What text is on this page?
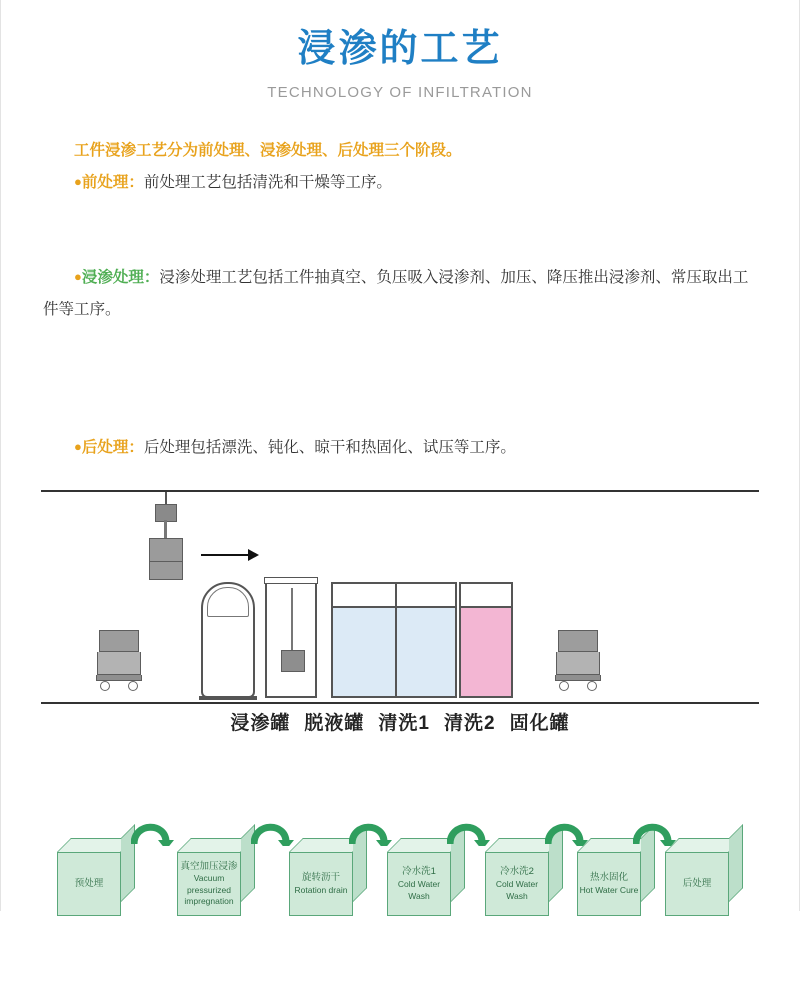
浸渗的工艺
TECHNOLOGY OF INFILTRATION
工件浸渗工艺分为前处理、浸渗处理、后处理三个阶段。
●前处理：前处理工艺包括清洗和干燥等工序。
●浸渗处理：浸渗处理工艺包括工件抽真空、负压吸入浸渗剂、加压、降压推出浸渗剂、常压取出工件等工序。
●后处理：后处理包括漂洗、钝化、晾干和热固化、试压等工序。
浸渗罐 脱液罐 清洗1 清洗2 固化罐
预处理
真空加压浸渗
Vacuum pressurized impregnation
旋转沥干
Rotation drain
冷水洗1
Cold Water Wash
冷水洗2
Cold Water Wash
热水固化
Hot Water Cure
后处理
